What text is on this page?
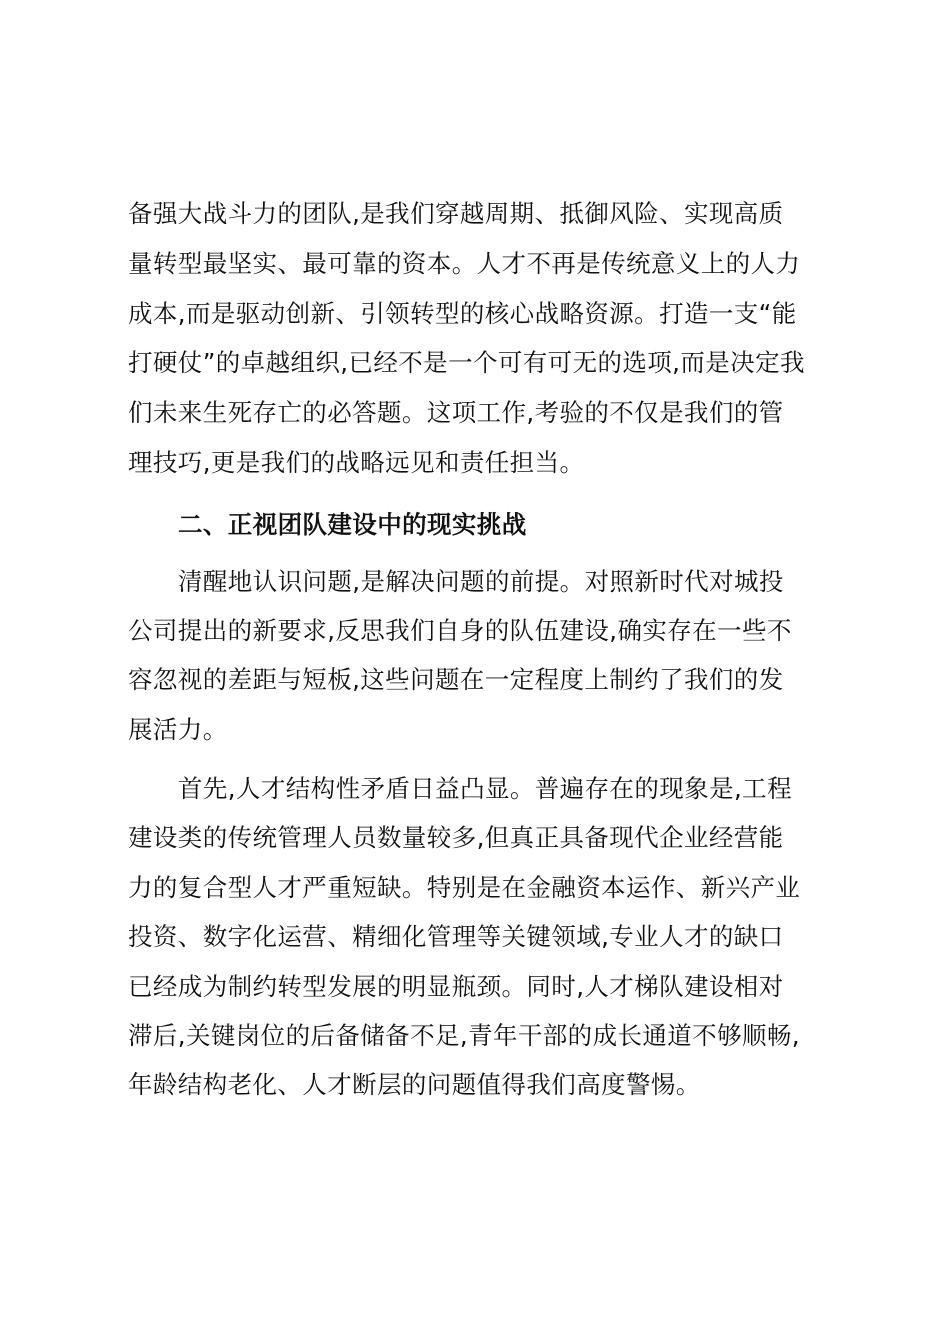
备强大战斗力的团队,是我们穿越周期、抵御风险、实现高质
量转型最坚实、最可靠的资本。人才不再是传统意义上的人力
成本,而是驱动创新、引领转型的核心战略资源。打造一支“能
打硬仗”的卓越组织,已经不是一个可有可无的选项,而是决定我
们未来生死存亡的必答题。这项工作,考验的不仅是我们的管
理技巧,更是我们的战略远见和责任担当。
二、正视团队建设中的现实挑战
清醒地认识问题,是解决问题的前提。对照新时代对城投
公司提出的新要求,反思我们自身的队伍建设,确实存在一些不
容忽视的差距与短板,这些问题在一定程度上制约了我们的发
展活力。
首先,人才结构性矛盾日益凸显。普遍存在的现象是,工程
建设类的传统管理人员数量较多,但真正具备现代企业经营能
力的复合型人才严重短缺。特别是在金融资本运作、新兴产业
投资、数字化运营、精细化管理等关键领域,专业人才的缺口
已经成为制约转型发展的明显瓶颈。同时,人才梯队建设相对
滞后,关键岗位的后备储备不足,青年干部的成长通道不够顺畅,
年龄结构老化、人才断层的问题值得我们高度警惕。
